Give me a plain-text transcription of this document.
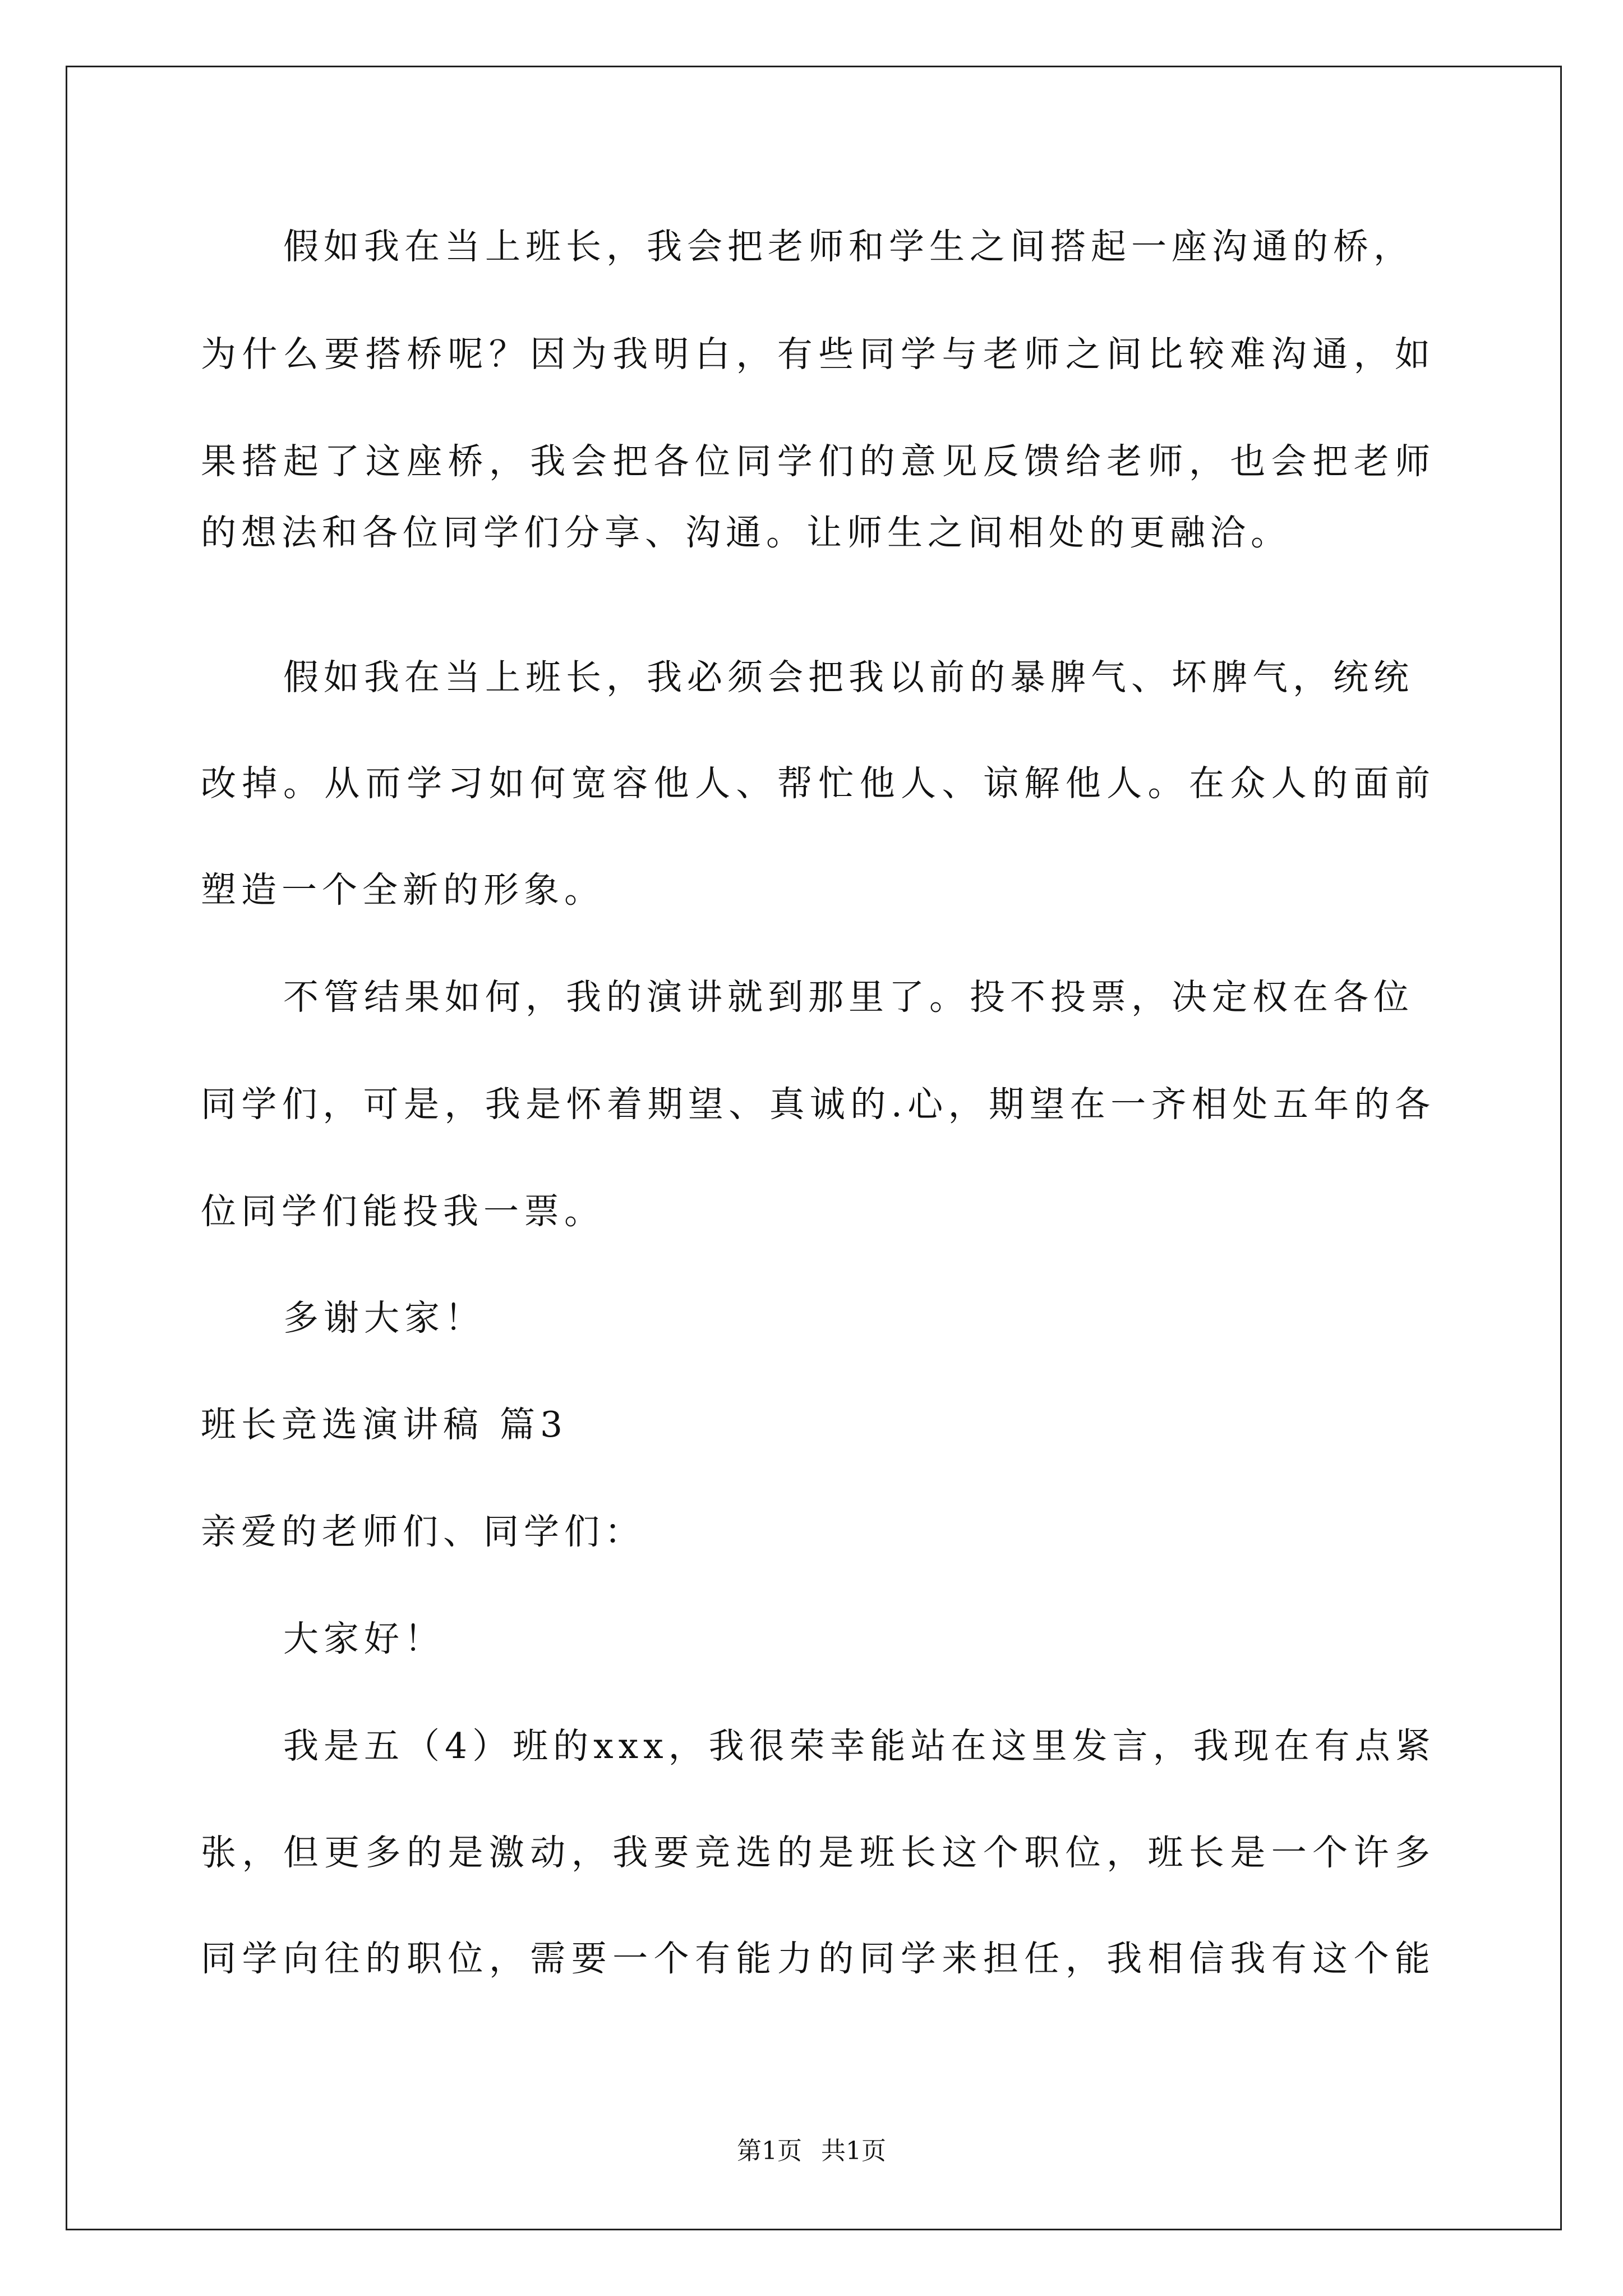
假如我在当上班长，我会把老师和学生之间搭起一座沟通的桥，
为什么要搭桥呢？因为我明白，有些同学与老师之间比较难沟通，如
果搭起了这座桥，我会把各位同学们的意见反馈给老师，也会把老师
的想法和各位同学们分享、沟通。让师生之间相处的更融洽。
假如我在当上班长，我必须会把我以前的暴脾气、坏脾气，统统
改掉。从而学习如何宽容他人、帮忙他人、谅解他人。在众人的面前
塑造一个全新的形象。
不管结果如何，我的演讲就到那里了。投不投票，决定权在各位
同学们，可是，我是怀着期望、真诚的.心，期望在一齐相处五年的各
位同学们能投我一票。
多谢大家！
班长竞选演讲稿 篇3
亲爱的老师们、同学们：
大家好！
我是五（4）班的xxx，我很荣幸能站在这里发言，我现在有点紧
张，但更多的是激动，我要竞选的是班长这个职位，班长是一个许多
同学向往的职位，需要一个有能力的同学来担任，我相信我有这个能
第1页 共1页
